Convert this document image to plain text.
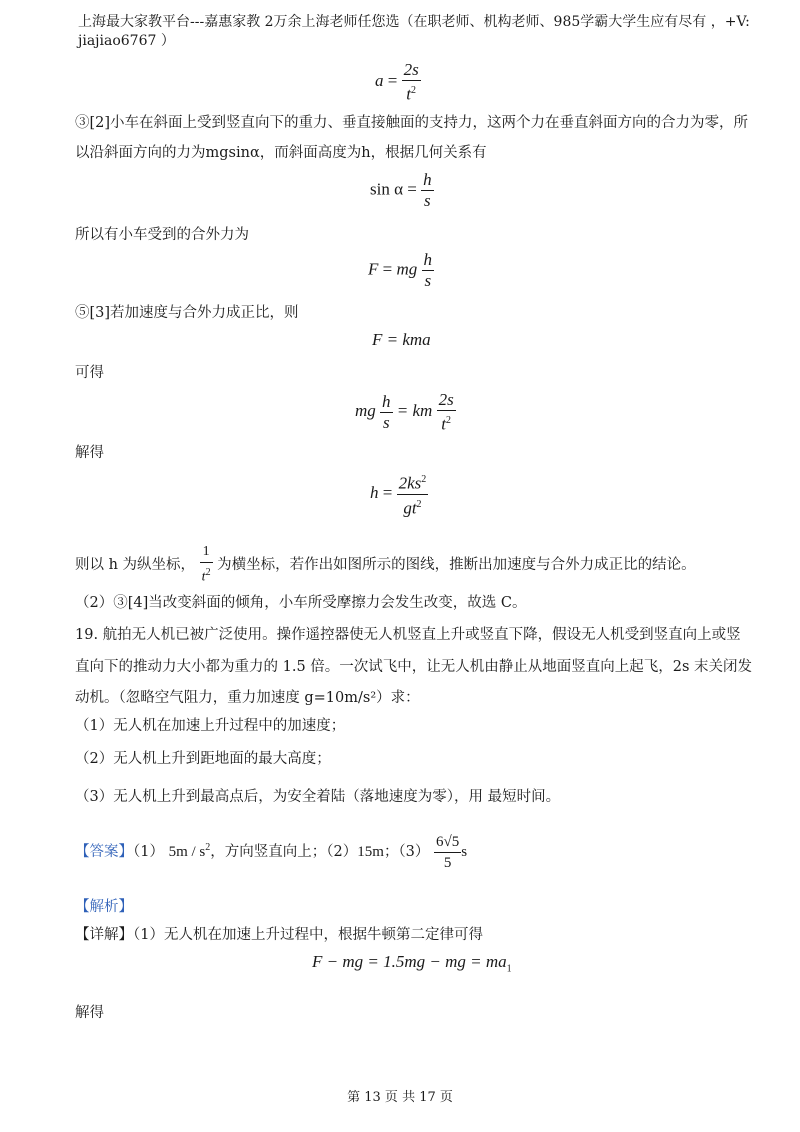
上海最大家教平台---嘉惠家教 2万余上海老师任您选（在职老师、机构老师、985学霸大学生应有尽有 ，+V:
jiajiao6767 ）
$a = \frac{2s}{t^2}$
③[2]小车在斜面上受到竖直向下的重力、垂直接触面的支持力，这两个力在垂直斜面方向的合力为零，所
以沿斜面方向的力为mgsinα，而斜面高度为h，根据几何关系有
$\sin \alpha = \frac{h}{s}$
所以有小车受到的合外力为
F = mg $\frac{h}{s}$
⑤[3]若加速度与合外力成正比，则
F = kma
可得
mg $\frac{h}{s}$ = km $\frac{2s}{t^2}$
解得
$h = \frac{2ks^2}{gt^2}$
则以 h 为纵坐标， $\frac{1}{t^2}$ 为横坐标，若作出如图所示的图线，推断出加速度与合外力成正比的结论。
（2）③[4]当改变斜面的倾角，小车所受摩擦力会发生改变，故选 C。
19. 航拍无人机已被广泛使用。操作遥控器使无人机竖直上升或竖直下降，假设无人机受到竖直向上或竖
直向下的推动力大小都为重力的 1.5 倍。一次试飞中，让无人机由静止从地面竖直向上起飞，2s 末关闭发
动机。（忽略空气阻力，重力加速度 g=10m/s²）求：
（1）无人机在加速上升过程中的加速度；
（2）无人机上升到距地面的最大高度；
（3）无人机上升到最高点后，为安全着陆（落地速度为零），用 最短时间。
【答案】（1） $5m / s^2$，方向竖直向上；（2）15m；$(3) \frac{6√5}{5}$ s
【解析】
【详解】（1）无人机在加速上升过程中，根据牛顿第二定律可得
F − mg = 1.5mg − mg = $ma_1$
解得
第 13 页 共 17 页
